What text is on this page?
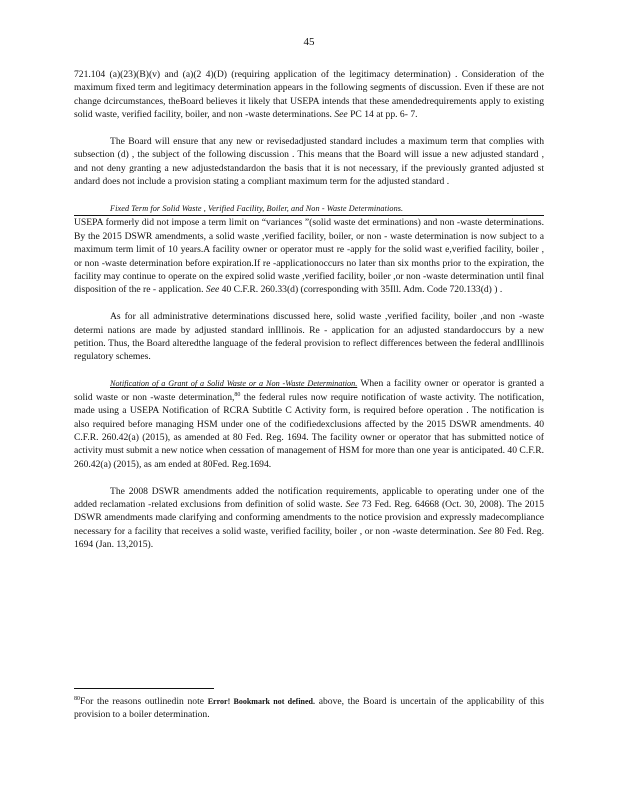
45

721.104 (a)(23)(B)(v) and (a)(2 4)(D) (requiring application of the legitimacy determination) . Consideration of the maximum fixed term and legitimacy determination appears in the following segments of discussion. Even if these are not change dcircumstances, theBoard believes it likely that USEPA intends that these amendedrequirements apply to existing solid waste, verified facility, boiler, and non -waste determinations. See PC 14 at pp. 6- 7.

The Board will ensure that any new or revisedadjusted standard includes a maximum term that complies with subsection (d) , the subject of the following discussion . This means that the Board will issue a new adjusted standard , and not deny granting a new adjustedstandardon the basis that it is not necessary, if the previously granted adjusted st andard does not include a provision stating a compliant maximum term for the adjusted standard .

Fixed Term for Solid Waste , Verified Facility, Boiler, and Non - Waste Determinations.

USEPA formerly did not impose a term limit on “variances ”(solid waste det erminations) and non -waste determinations. By the 2015 DSWR amendments, a solid waste ,verified facility, boiler, or non - waste determination is now subject to a maximum term limit of 10 years.A facility owner or operator must re -apply for the solid wast e,verified facility, boiler , or non -waste determination before expiration.If re -applicationoccurs no later than six months prior to the expiration, the facility may continue to operate on the expired solid waste ,verified facility, boiler ,or non -waste determination until final disposition of the re - application. See 40 C.F.R. 260.33(d) (corresponding with 35Ill. Adm. Code 720.133(d) ) .

As for all administrative determinations discussed here, solid waste ,verified facility, boiler ,and non -waste determi nations are made by adjusted standard inIllinois. Re - application for an adjusted standardoccurs by a new petition. Thus, the Board alteredthe language of the federal provision to reflect differences between the federal andIllinois regulatory schemes.

Notification of a Grant of a Solid Waste or a Non -Waste Determination. When a facility owner or operator is granted a solid waste or non -waste determination,$^{80}$ the federal rules now require notification of waste activity. The notification, made using a USEPA Notification of RCRA Subtitle C Activity form, is required before operation . The notification is also required before managing HSM under one of the codifiedexclusions affected by the 2015 DSWR amendments. 40 C.F.R. 260.42(a) (2015), as amended at 80 Fed. Reg. 1694. The facility owner or operator that has submitted notice of activity must submit a new notice when cessation of management of HSM for more than one year is anticipated. 40 C.F.R. 260.42(a) (2015), as am ended at 80Fed. Reg.1694.

The 2008 DSWR amendments added the notification requirements, applicable to operating under one of the added reclamation -related exclusions from definition of solid waste. See 73 Fed. Reg. 64668 (Oct. 30, 2008). The 2015 DSWR amendments made clarifying and conforming amendments to the notice provision and expressly madecompliance necessary for a facility that receives a solid waste, verified facility, boiler , or non -waste determination. See 80 Fed. Reg. 1694 (Jan. 13,2015).

$^{80}$For the reasons outlinedin note Error! Bookmark not defined. above, the Board is uncertain of the applicability of this provision to a boiler determination.
